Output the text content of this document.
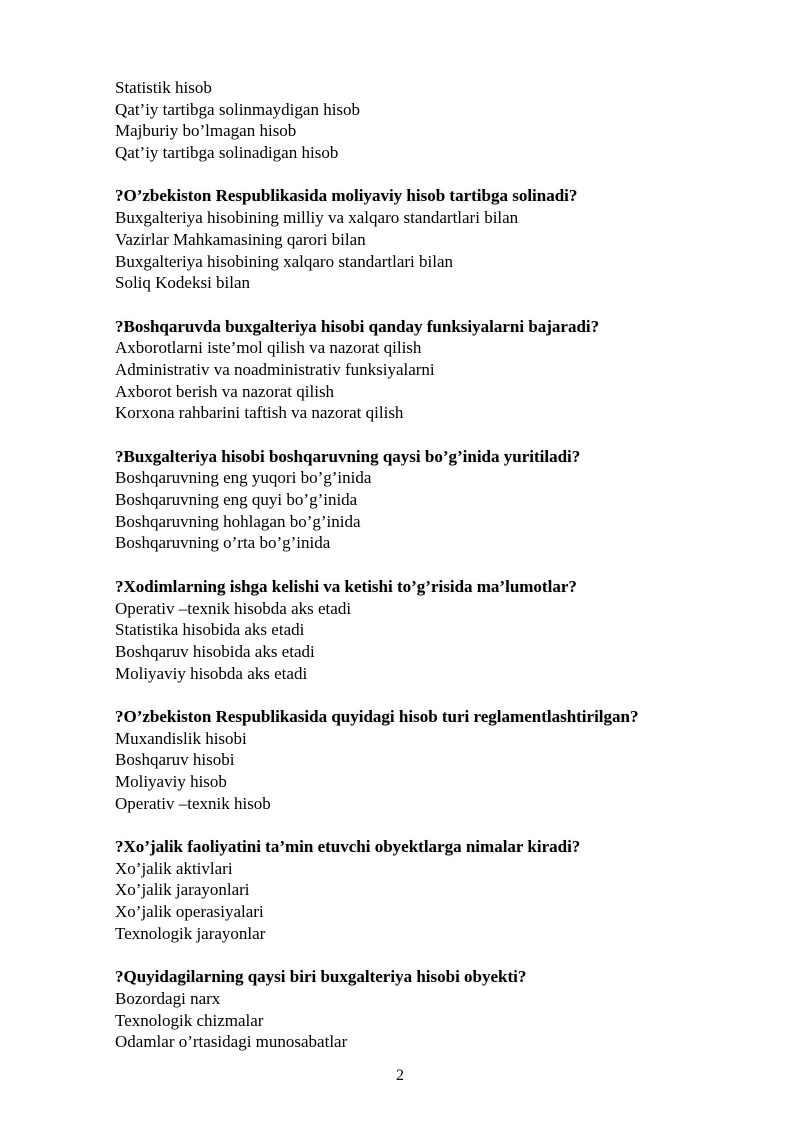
Statistik hisob
Qat’iy tartibga solinmaydigan hisob
Majburiy bo’lmagan hisob
Qat’iy tartibga solinadigan hisob
?O’zbekiston Respublikasida moliyaviy hisob tartibga solinadi?
Buxgalteriya hisobining milliy va xalqaro standartlari bilan
Vazirlar Mahkamasining qarori bilan
Buxgalteriya hisobining xalqaro standartlari bilan
Soliq Kodeksi bilan
?Boshqaruvda buxgalteriya hisobi qanday funksiyalarni bajaradi?
Axborotlarni iste’mol qilish va nazorat qilish
Administrativ va noadministrativ funksiyalarni
Axborot berish va nazorat qilish
Korxona rahbarini taftish va nazorat qilish
?Buxgalteriya hisobi boshqaruvning qaysi bo’g’inida yuritiladi?
Boshqaruvning eng yuqori bo’g’inida
Boshqaruvning eng quyi bo’g’inida
Boshqaruvning hohlagan bo’g’inida
Boshqaruvning o’rta bo’g’inida
?Xodimlarning ishga kelishi va ketishi to’g’risida ma’lumotlar?
Operativ –texnik hisobda aks etadi
Statistika hisobida aks etadi
Boshqaruv hisobida aks etadi
Moliyaviy hisobda aks etadi
?O’zbekiston Respublikasida quyidagi hisob turi reglamentlashtirilgan?
Muxandislik hisobi
Boshqaruv hisobi
Moliyaviy hisob
Operativ –texnik hisob
?Xo’jalik faoliyatini ta’min etuvchi obyektlarga nimalar kiradi?
Xo’jalik aktivlari
Xo’jalik jarayonlari
Xo’jalik operasiyalari
Texnologik jarayonlar
?Quyidagilarning qaysi biri buxgalteriya hisobi obyekti?
Bozordagi narx
Texnologik chizmalar
Odamlar o’rtasidagi munosabatlar
2
